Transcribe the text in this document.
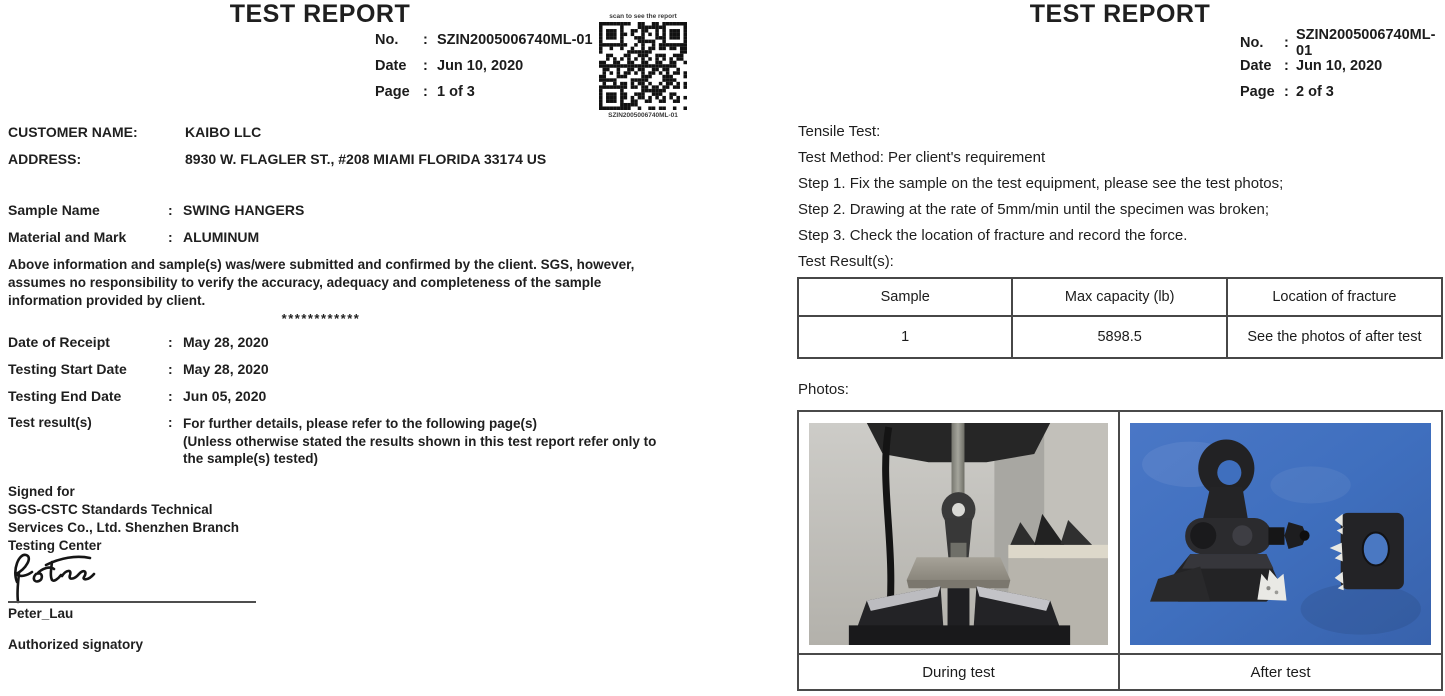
TEST REPORT
No.	: SZIN2005006740ML-01
Date	: Jun 10, 2020
Page : 1 of 3
scan to see the report
SZIN2005006740ML-01
CUSTOMER NAME:	KAIBO LLC
ADDRESS:	8930 W. FLAGLER ST., #208 MIAMI FLORIDA 33174 US
Sample Name	: SWING HANGERS
Material and Mark	: ALUMINUM
Above information and sample(s) was/were submitted and confirmed by the client. SGS, however,
assumes no responsibility to verify the accuracy, adequacy and completeness of the sample
information provided by client.
************
Date of Receipt	: May 28, 2020
Testing Start Date	: May 28, 2020
Testing End Date	: Jun 05, 2020
Test result(s)	: For further details, please refer to the following page(s)
(Unless otherwise stated the results shown in this test report refer only to
the sample(s) tested)
Signed for
SGS-CSTC Standards Technical
Services Co., Ltd. Shenzhen Branch
Testing Center
Peter_Lau
Authorized signatory
TEST REPORT
No.	: SZIN2005006740ML-01
Date : Jun 10, 2020
Page : 2 of 3
Tensile Test:
Test Method: Per client's requirement
Step 1. Fix the sample on the test equipment, please see the test photos;
Step 2. Drawing at the rate of 5mm/min until the specimen was broken;
Step 3. Check the location of fracture and record the force.
Test Result(s):
Sample	Max capacity (lb)	Location of fracture
1	5898.5	See the photos of after test
Photos:
During test	After test
